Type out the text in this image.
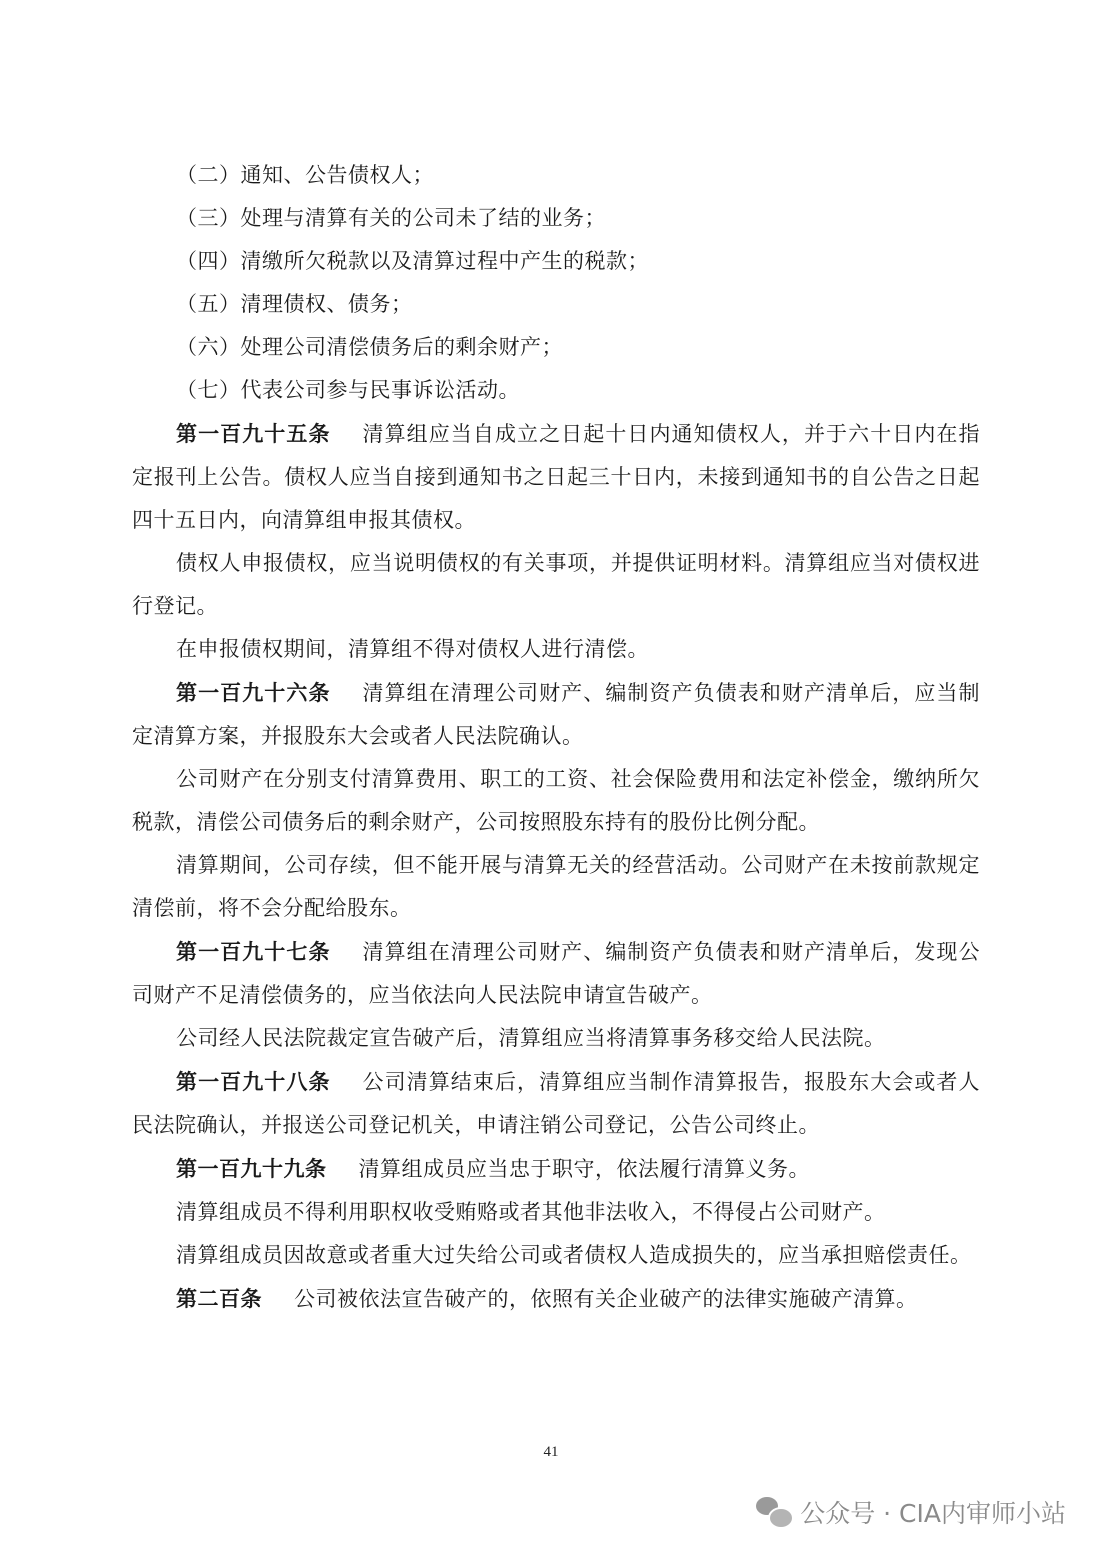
（二）通知、公告债权人；

（三）处理与清算有关的公司未了结的业务；

（四）清缴所欠税款以及清算过程中产生的税款；

（五）清理债权、债务；

（六）处理公司清偿债务后的剩余财产；

（七）代表公司参与民事诉讼活动。

第一百九十五条 清算组应当自成立之日起十日内通知债权人，并于六十日内在指定报刊上公告。债权人应当自接到通知书之日起三十日内，未接到通知书的自公告之日起四十五日内，向清算组申报其债权。

债权人申报债权，应当说明债权的有关事项，并提供证明材料。清算组应当对债权进行登记。

在申报债权期间，清算组不得对债权人进行清偿。

第一百九十六条 清算组在清理公司财产、编制资产负债表和财产清单后，应当制定清算方案，并报股东大会或者人民法院确认。

公司财产在分别支付清算费用、职工的工资、社会保险费用和法定补偿金，缴纳所欠税款，清偿公司债务后的剩余财产，公司按照股东持有的股份比例分配。

清算期间，公司存续，但不能开展与清算无关的经营活动。公司财产在未按前款规定清偿前，将不会分配给股东。

第一百九十七条 清算组在清理公司财产、编制资产负债表和财产清单后，发现公司财产不足清偿债务的，应当依法向人民法院申请宣告破产。

公司经人民法院裁定宣告破产后，清算组应当将清算事务移交给人民法院。

第一百九十八条 公司清算结束后，清算组应当制作清算报告，报股东大会或者人民法院确认，并报送公司登记机关，申请注销公司登记，公告公司终止。

第一百九十九条 清算组成员应当忠于职守，依法履行清算义务。

清算组成员不得利用职权收受贿赂或者其他非法收入，不得侵占公司财产。

清算组成员因故意或者重大过失给公司或者债权人造成损失的，应当承担赔偿责任。

第二百条 公司被依法宣告破产的，依照有关企业破产的法律实施破产清算。

41
公众号 · CIA内审师小站
